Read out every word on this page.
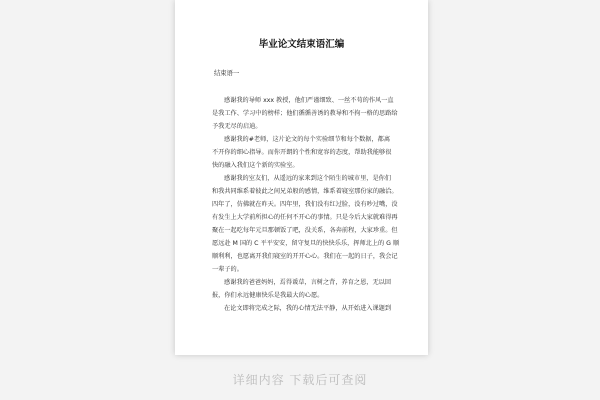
毕业论文结束语汇编
结束语一
感谢我的导师 xxx 教授，他们严谨细致、一丝不苟的作风一直
是我工作、学习中的榜样；他们循循善诱的教导和不拘一格的思路给
予我无尽的启迪。
感谢我的#老师，这片论文的每个实验细节和每个数据，都离
不开你的细心指导。而你开朗的个性和宽容的态度，帮助我能够很
快的融入我们这个新的实验室。
感谢我的室友们，从遥远的家来到这个陌生的城市里，是你们
和我共同维系着彼此之间兄弟般的感情，维系着寝室那份家的融洽。
四年了，仿佛就在昨天。四年里，我们没有红过脸，没有吵过嘴，没
有发生上大学前所担心的任何不开心的事情。只是今后大家就难得再
聚在一起吃每年元旦那顿饭了吧，没关系，各奔前程，大家珍重。但
愿远赴 M 国的 C 平平安安，留守复旦的快快乐乐，挥师北上的 G 顺
顺利利，也愿离开我们寝室的开开心心。我们在一起的日子，我会记
一辈子的。
感谢我的爸爸妈妈，焉得谖草，言树之背，养育之恩，无以回
报，你们永远健康快乐是我最大的心愿。
在论文即将完成之际，我的心情无法平静，从开始进入课题到
详细内容 下载后可查阅
